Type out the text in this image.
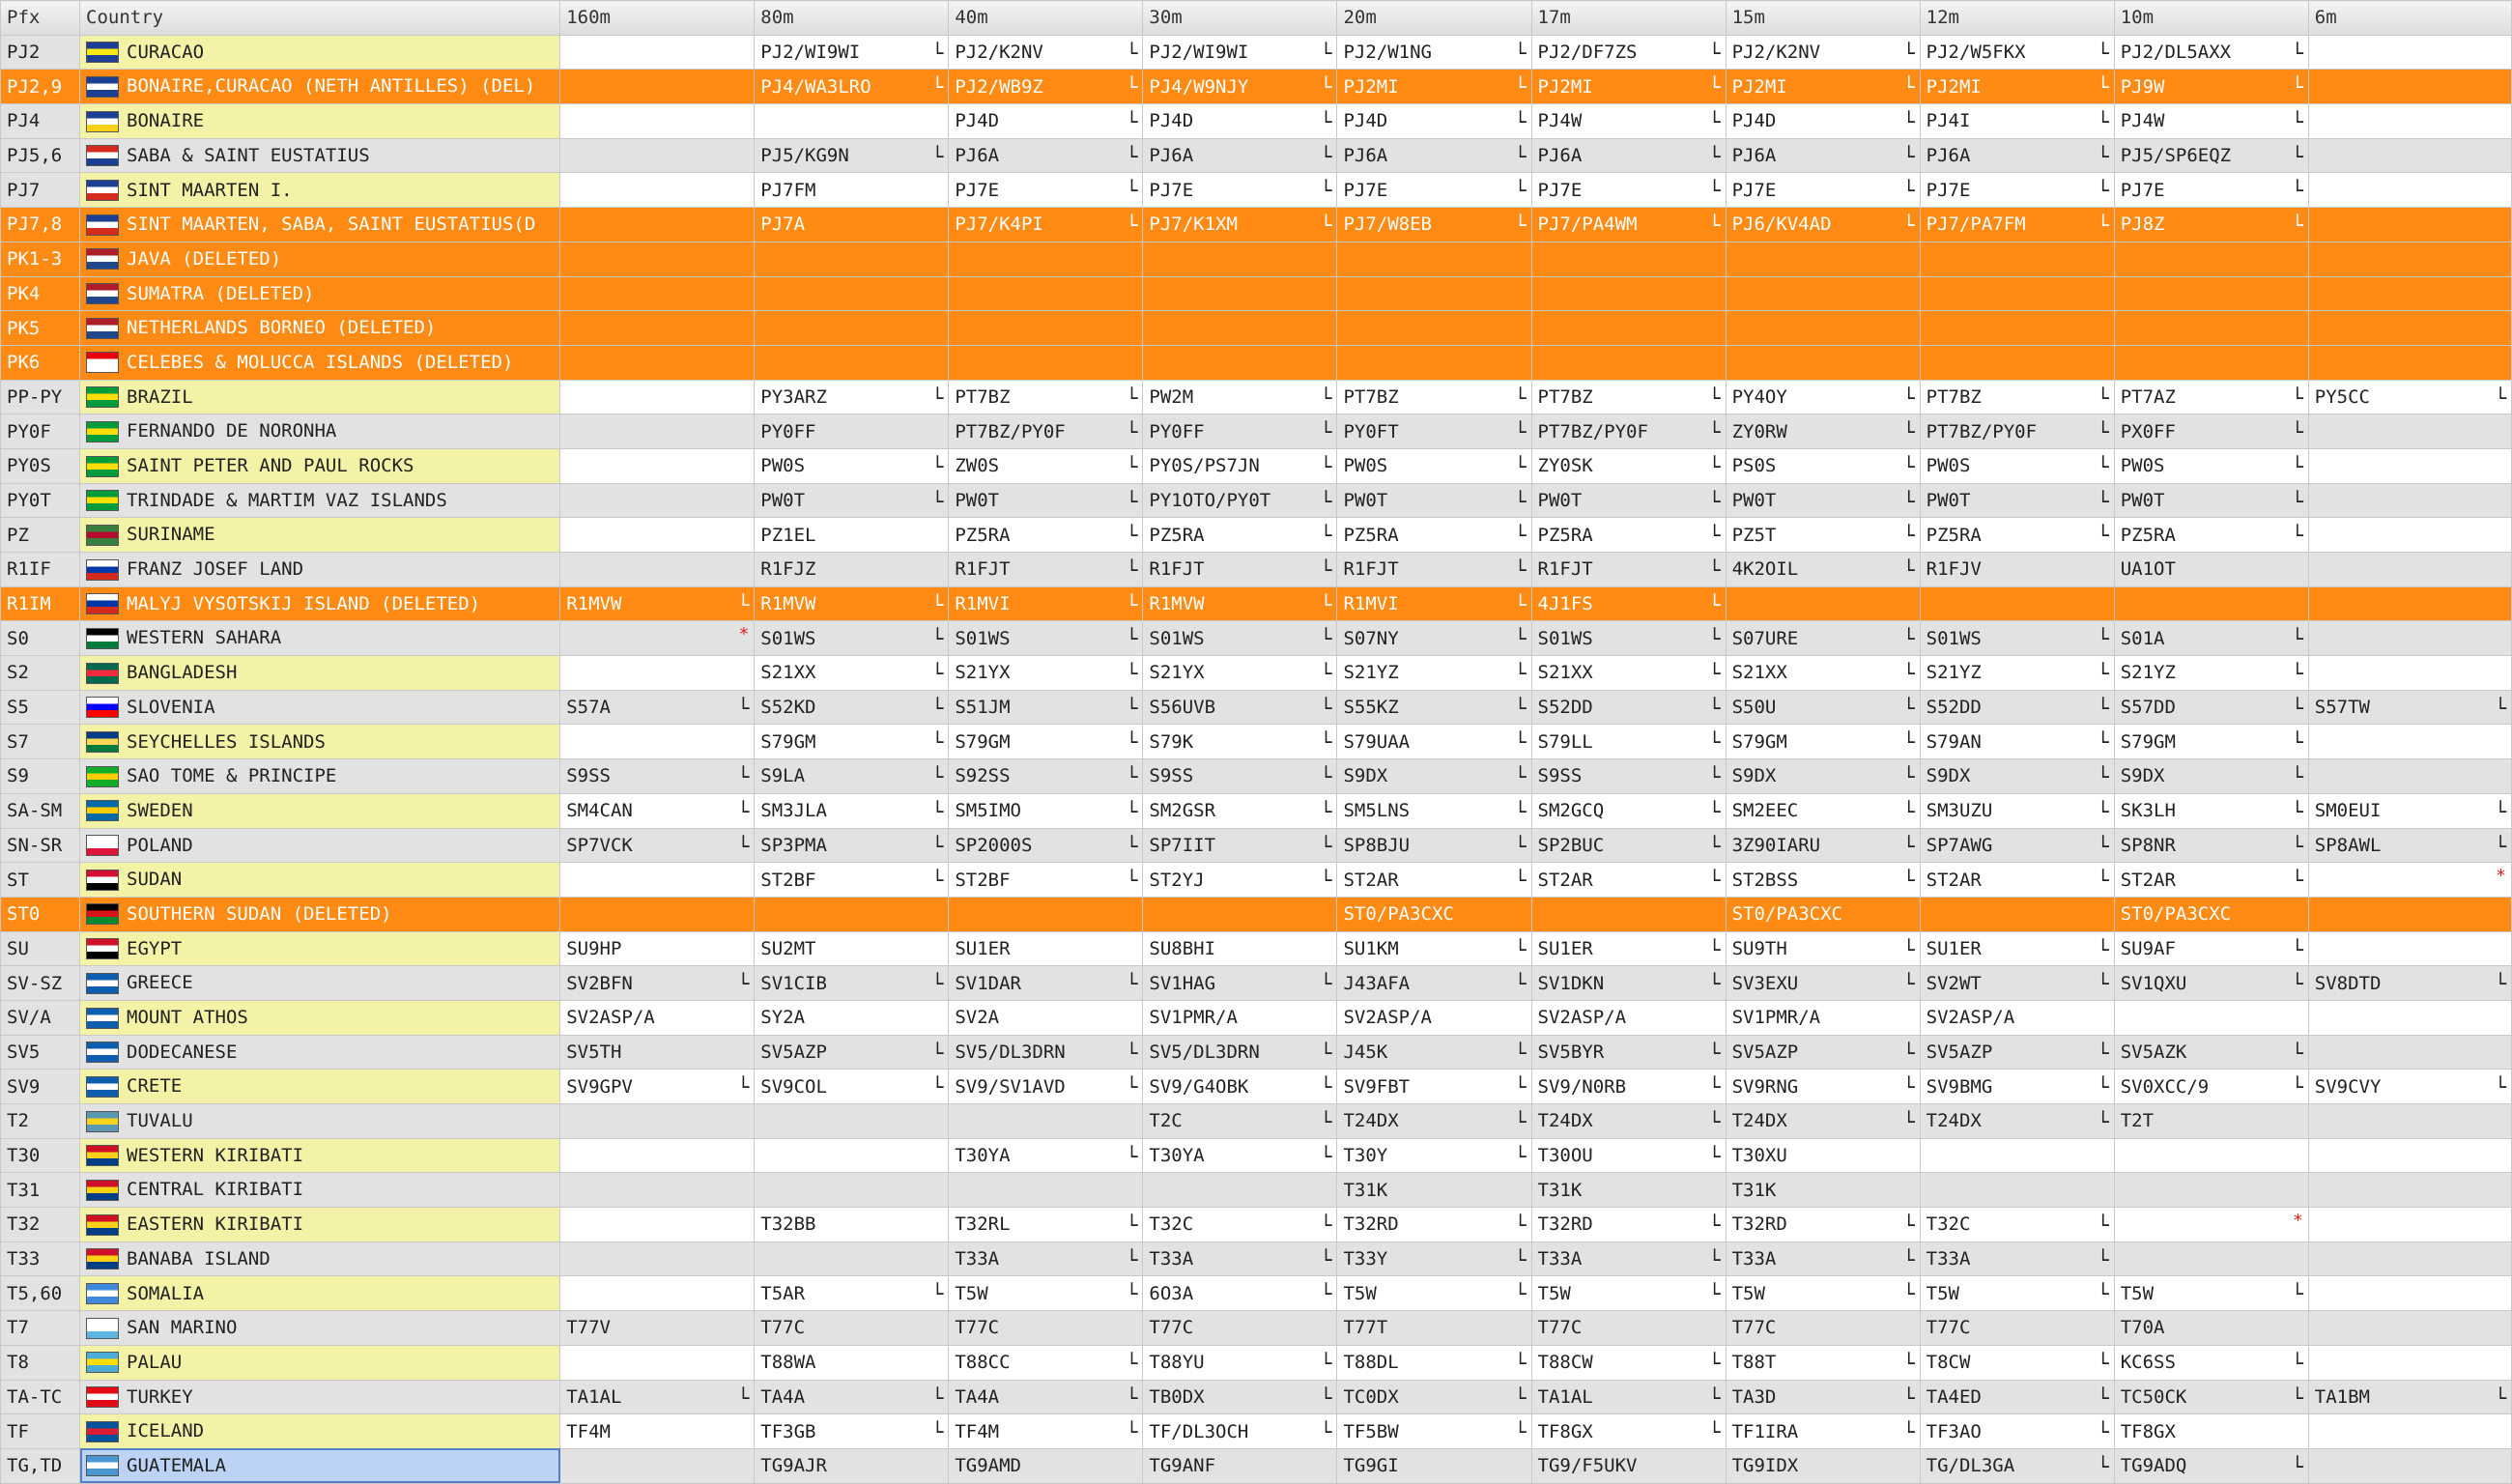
Pfx	Country	160m	80m	40m	30m	20m	17m	15m	12m	10m	6m
PJ2	CURACAO		PJ2/WI9WI └	PJ2/K2NV └	PJ2/WI9WI └	PJ2/W1NG └	PJ2/DF7ZS └	PJ2/K2NV └	PJ2/W5FKX └	PJ2/DL5AXX └	

PJ2,9	BONAIRE,CURACAO (NETH ANTILLES) (DEL)		PJ4/WA3LRO └	PJ2/WB9Z └	PJ4/W9NJY └	PJ2MI └	PJ2MI └	PJ2MI └	PJ2MI └	PJ9W └	

PJ4	BONAIRE			PJ4D └	PJ4D └	PJ4D └	PJ4W └	PJ4D └	PJ4I └	PJ4W └	

PJ5,6	SABA & SAINT EUSTATIUS		PJ5/KG9N └	PJ6A └	PJ6A └	PJ6A └	PJ6A └	PJ6A └	PJ6A └	PJ5/SP6EQZ └	

PJ7	SINT MAARTEN I.		PJ7FM	PJ7E └	PJ7E └	PJ7E └	PJ7E └	PJ7E └	PJ7E └	PJ7E └	

PJ7,8	SINT MAARTEN, SABA, SAINT EUSTATIUS(D		PJ7A	PJ7/K4PI └	PJ7/K1XM └	PJ7/W8EB └	PJ7/PA4WM └	PJ6/KV4AD └	PJ7/PA7FM └	PJ8Z └	

PK1-3	JAVA (DELETED)										
PK4	SUMATRA (DELETED)										
PK5	NETHERLANDS BORNEO (DELETED)										
PK6	CELEBES & MOLUCCA ISLANDS (DELETED)										
PP-PY	BRAZIL		PY3ARZ └	PT7BZ └	PW2M └	PT7BZ └	PT7BZ └	PY4OY └	PT7BZ └	PT7AZ └	PY5CC └

PY0F	FERNANDO DE NORONHA		PY0FF	PT7BZ/PY0F └	PY0FF └	PY0FT └	PT7BZ/PY0F └	ZY0RW └	PT7BZ/PY0F └	PX0FF └	

PY0S	SAINT PETER AND PAUL ROCKS		PW0S └	ZW0S └	PY0S/PS7JN └	PW0S └	ZY0SK └	PS0S └	PW0S └	PW0S └	

PY0T	TRINDADE & MARTIM VAZ ISLANDS		PW0T └	PW0T └	PY1OTO/PY0T └	PW0T └	PW0T └	PW0T └	PW0T └	PW0T └	

PZ	SURINAME		PZ1EL	PZ5RA └	PZ5RA └	PZ5RA └	PZ5RA └	PZ5T └	PZ5RA └	PZ5RA └	

R1IF	FRANZ JOSEF LAND		R1FJZ	R1FJT └	R1FJT └	R1FJT └	R1FJT └	4K2OIL └	R1FJV	UA1OT	
R1IM	MALYJ VYSOTSKIJ ISLAND (DELETED)	R1MVW └	R1MVW └	R1MVI └	R1MVW └	R1MVI └	4J1FS └				

S0	WESTERN SAHARA	*	S01WS └	S01WS └	S01WS └	S07NY └	S01WS └	S07URE └	S01WS └	S01A └	

S2	BANGLADESH		S21XX └	S21YX └	S21YX └	S21YZ └	S21XX └	S21XX └	S21YZ └	S21YZ └	

S5	SLOVENIA	S57A └	S52KD └	S51JM └	S56UVB └	S55KZ └	S52DD └	S50U └	S52DD └	S57DD └	S57TW └

S7	SEYCHELLES ISLANDS		S79GM └	S79GM └	S79K └	S79UAA └	S79LL └	S79GM └	S79AN └	S79GM └	

S9	SAO TOME & PRINCIPE	S9SS └	S9LA └	S92SS └	S9SS └	S9DX └	S9SS └	S9DX └	S9DX └	S9DX └	

SA-SM	SWEDEN	SM4CAN └	SM3JLA └	SM5IMO └	SM2GSR └	SM5LNS └	SM2GCQ └	SM2EEC └	SM3UZU └	SK3LH └	SM0EUI └

SN-SR	POLAND	SP7VCK └	SP3PMA └	SP2000S └	SP7IIT └	SP8BJU └	SP2BUC └	3Z90IARU └	SP7AWG └	SP8NR └	SP8AWL └

ST	SUDAN		ST2BF └	ST2BF └	ST2YJ └	ST2AR └	ST2AR └	ST2BSS └	ST2AR └	ST2AR └	*

ST0	SOUTHERN SUDAN (DELETED)					ST0/PA3CXC		ST0/PA3CXC		ST0/PA3CXC	
SU	EGYPT	SU9HP	SU2MT	SU1ER	SU8BHI	SU1KM └	SU1ER └	SU9TH └	SU1ER └	SU9AF └	

SV-SZ	GREECE	SV2BFN └	SV1CIB └	SV1DAR └	SV1HAG └	J43AFA └	SV1DKN └	SV3EXU └	SV2WT └	SV1QXU └	SV8DTD └

SV/A	MOUNT ATHOS	SV2ASP/A	SY2A	SV2A	SV1PMR/A	SV2ASP/A	SV2ASP/A	SV1PMR/A	SV2ASP/A		
SV5	DODECANESE	SV5TH	SV5AZP └	SV5/DL3DRN └	SV5/DL3DRN └	J45K └	SV5BYR └	SV5AZP └	SV5AZP └	SV5AZK └	

SV9	CRETE	SV9GPV └	SV9COL └	SV9/SV1AVD └	SV9/G4OBK └	SV9FBT └	SV9/N0RB └	SV9RNG └	SV9BMG └	SV0XCC/9 └	SV9CVY └

T2	TUVALU				T2C └	T24DX └	T24DX └	T24DX └	T24DX └	T2T	
T30	WESTERN KIRIBATI			T30YA └	T30YA └	T30Y └	T30OU └	T30XU			
T31	CENTRAL KIRIBATI					T31K	T31K	T31K			
T32	EASTERN KIRIBATI		T32BB	T32RL └	T32C └	T32RD └	T32RD └	T32RD └	T32C └	*	

T33	BANABA ISLAND			T33A └	T33A └	T33Y └	T33A └	T33A └	T33A └		

T5,60	SOMALIA		T5AR └	T5W └	6O3A └	T5W └	T5W └	T5W └	T5W └	T5W └	

T7	SAN MARINO	T77V	T77C	T77C	T77C	T77T	T77C	T77C	T77C	T70A	
T8	PALAU		T88WA	T88CC └	T88YU └	T88DL └	T88CW └	T88T └	T8CW └	KC6SS └	

TA-TC	TURKEY	TA1AL └	TA4A └	TA4A └	TB0DX └	TC0DX └	TA1AL └	TA3D └	TA4ED └	TC50CK └	TA1BM └

TF	ICELAND	TF4M	TF3GB └	TF4M └	TF/DL3OCH └	TF5BW └	TF8GX └	TF1IRA └	TF3AO └	TF8GX	
TG,TD	GUATEMALA		TG9AJR	TG9AMD	TG9ANF	TG9GI	TG9/F5UKV	TG9IDX	TG/DL3GA └	TG9ADQ └	
